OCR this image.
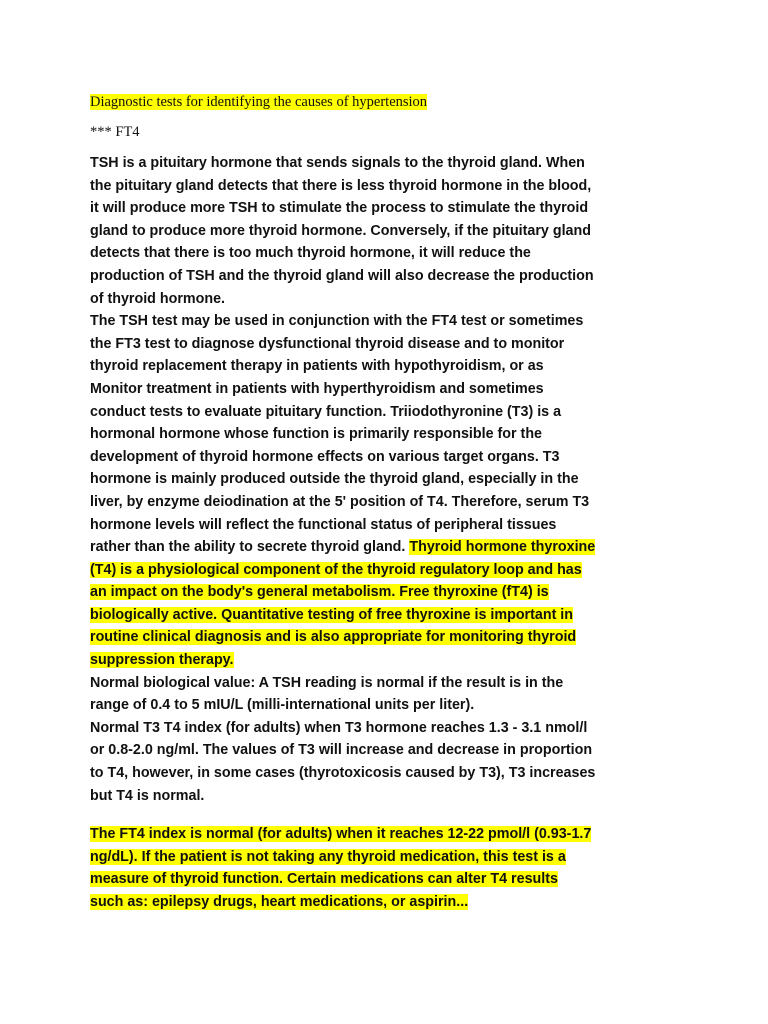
Diagnostic tests for identifying the causes of hypertension

*** FT4

TSH is a pituitary hormone that sends signals to the thyroid gland. When
the pituitary gland detects that there is less thyroid hormone in the blood,
it will produce more TSH to stimulate the process to stimulate the thyroid
gland to produce more thyroid hormone. Conversely, if the pituitary gland
detects that there is too much thyroid hormone, it will reduce the
production of TSH and the thyroid gland will also decrease the production
of thyroid hormone.

The TSH test may be used in conjunction with the FT4 test or sometimes
the FT3 test to diagnose dysfunctional thyroid disease and to monitor
thyroid replacement therapy in patients with hypothyroidism, or as
Monitor treatment in patients with hyperthyroidism and sometimes
conduct tests to evaluate pituitary function. Triiodothyronine (T3) is a
hormonal hormone whose function is primarily responsible for the
development of thyroid hormone effects on various target organs. T3
hormone is mainly produced outside the thyroid gland, especially in the
liver, by enzyme deiodination at the 5' position of T4. Therefore, serum T3
hormone levels will reflect the functional status of peripheral tissues
rather than the ability to secrete thyroid gland. Thyroid hormone thyroxine
(T4) is a physiological component of the thyroid regulatory loop and has
an impact on the body's general metabolism. Free thyroxine (fT4) is
biologically active. Quantitative testing of free thyroxine is important in
routine clinical diagnosis and is also appropriate for monitoring thyroid
suppression therapy.

Normal biological value: A TSH reading is normal if the result is in the
range of 0.4 to 5 mIU/L (milli-international units per liter).

Normal T3 T4 index (for adults) when T3 hormone reaches 1.3 - 3.1 nmol/l
or 0.8-2.0 ng/ml. The values of T3 will increase and decrease in proportion
to T4, however, in some cases (thyrotoxicosis caused by T3), T3 increases
but T4 is normal.

The FT4 index is normal (for adults) when it reaches 12-22 pmol/l (0.93-1.7
ng/dL). If the patient is not taking any thyroid medication, this test is a
measure of thyroid function. Certain medications can alter T4 results
such as: epilepsy drugs, heart medications, or aspirin...
